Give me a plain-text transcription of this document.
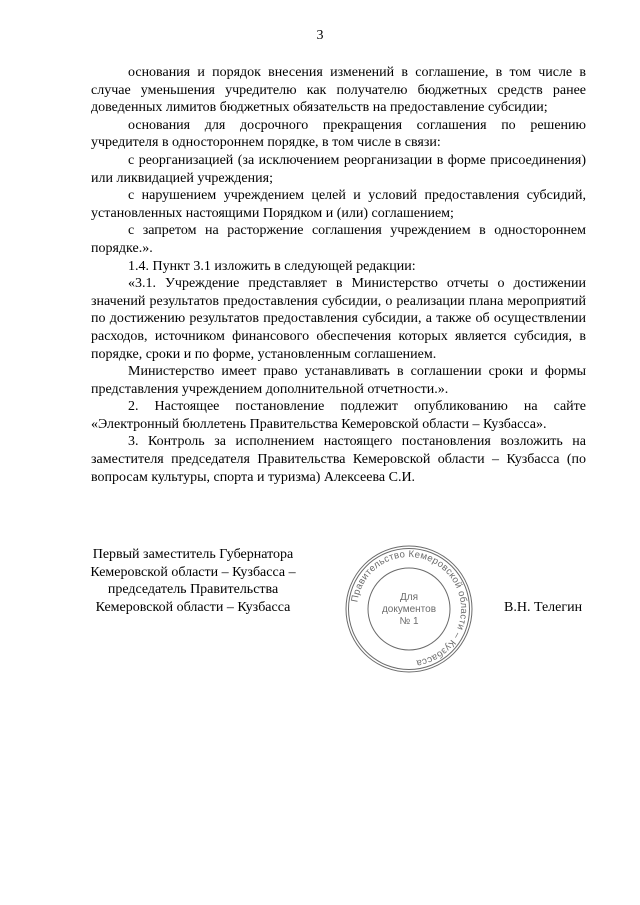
3

основания и порядок внесения изменений в соглашение, в том числе в случае уменьшения учредителю как получателю бюджетных средств ранее доведенных лимитов бюджетных обязательств на предоставление субсидии;

основания для досрочного прекращения соглашения по решению учредителя в одностороннем порядке, в том числе в связи:

с реорганизацией (за исключением реорганизации в форме присоединения) или ликвидацией учреждения;

с нарушением учреждением целей и условий предоставления субсидий, установленных настоящими Порядком и (или) соглашением;

с запретом на расторжение соглашения учреждением в одностороннем порядке.».

1.4. Пункт 3.1 изложить в следующей редакции:

«3.1. Учреждение представляет в Министерство отчеты о достижении значений результатов предоставления субсидии, о реализации плана мероприятий по достижению результатов предоставления субсидии, а также об осуществлении расходов, источником финансового обеспечения которых является субсидия, в порядке, сроки и по форме, установленным соглашением.

Министерство имеет право устанавливать в соглашении сроки и формы представления учреждением дополнительной отчетности.».

2. Настоящее постановление подлежит опубликованию на сайте «Электронный бюллетень Правительства Кемеровской области – Кузбасса».

3. Контроль за исполнением настоящего постановления возложить на заместителя председателя Правительства Кемеровской области – Кузбасса (по вопросам культуры, спорта и туризма) Алексеева С.И.

Первый заместитель Губернатора
Кемеровской области – Кузбасса –
председатель Правительства
Кемеровской области – Кузбасса
Правительство Кемеровской области – Кузбасса
Для
документов
№ 1
В.Н. Телегин
